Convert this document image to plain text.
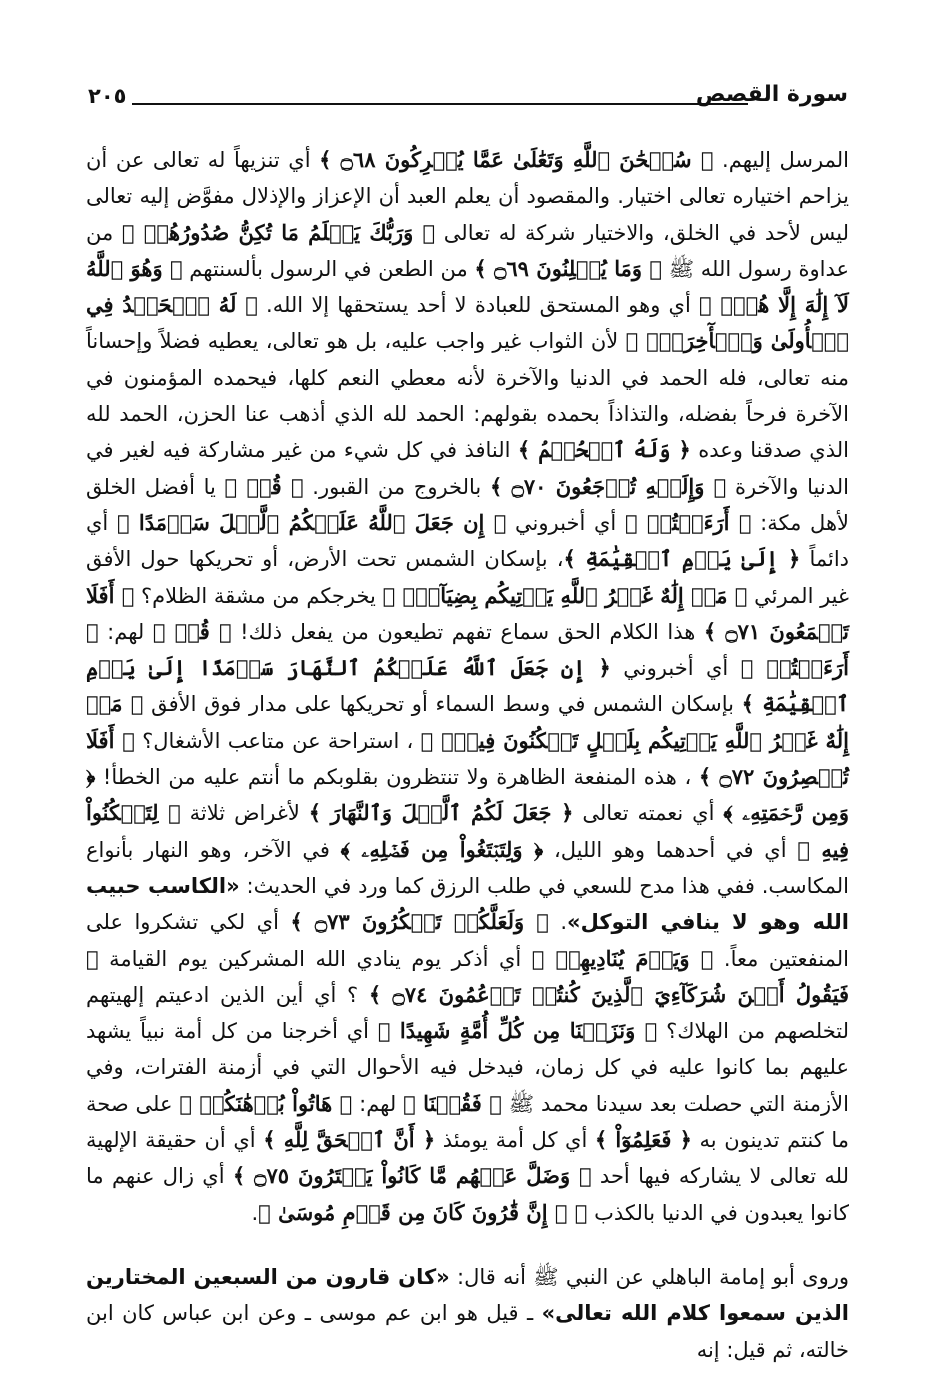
٢٠٥	سورة القصص
المرسل إليهم. ﴿ سُبۡحَٰنَ ٱللَّهِ وَتَعَٰلَىٰ عَمَّا يُشۡرِكُونَ ۝٦٨ ﴾ أي تنزيهاً له تعالى عن أن يزاحم اختياره تعالى اختيار. والمقصود أن يعلم العبد أن الإعزاز والإذلال مفوَّض إليه تعالى ليس لأحد في الخلق، والاختيار شركة له تعالى ﴿ وَرَبُّكَ يَعۡلَمُ مَا تُكِنُّ صُدُورُهُمۡ ﴾ من عداوة رسول الله ﷺ ﴿ وَمَا يُعۡلِنُونَ ۝٦٩ ﴾ من الطعن في الرسول بألسنتهم ﴿ وَهُوَ ٱللَّهُ لَآ إِلَٰهَ إِلَّا هُوَۖ ﴾ أي وهو المستحق للعبادة لا أحد يستحقها إلا الله. ﴿ لَهُ ٱلۡحَمۡدُ فِي ٱلۡأُولَىٰ وَٱلۡأٓخِرَةِۖ ﴾ لأن الثواب غير واجب عليه، بل هو تعالى، يعطيه فضلاً وإحساناً منه تعالى، فله الحمد في الدنيا والآخرة لأنه معطي النعم كلها، فيحمده المؤمنون في الآخرة فرحاً بفضله، والتذاذاً بحمده بقولهم: الحمد لله الذي أذهب عنا الحزن، الحمد لله الذي صدقنا وعده ﴿ وَلَهُ ٱلۡحُكۡمُ ﴾ النافذ في كل شيء من غير مشاركة فيه لغير في الدنيا والآخرة ﴿ وَإِلَيۡهِ تُرۡجَعُونَ ۝٧٠ ﴾ بالخروج من القبور. ﴿ قُلۡ ﴾ يا أفضل الخلق لأهل مكة: ﴿ أَرَءَيۡتُمۡ ﴾ أي أخبروني ﴿ إِن جَعَلَ ٱللَّهُ عَلَيۡكُمُ ٱلَّيۡلَ سَرۡمَدًا ﴾ أي دائماً ﴿ إِلَىٰ يَوۡمِ ٱلۡقِيَٰمَةِ ﴾، بإسكان الشمس تحت الأرض، أو تحريكها حول الأفق غير المرئي ﴿ مَنۡ إِلَٰهٌ غَيۡرُ ٱللَّهِ يَأۡتِيكُم بِضِيَآءٍۖ ﴾ يخرجكم من مشقة الظلام؟ ﴿ أَفَلَا تَسۡمَعُونَ ۝٧١ ﴾ هذا الكلام الحق سماع تفهم تطيعون من يفعل ذلك! ﴿ قُلۡ ﴾ لهم: ﴿ أَرَءَيۡتُمۡ ﴾ أي أخبروني ﴿ إِن جَعَلَ ٱللَّهُ عَلَيۡكُمُ ٱلنَّهَارَ سَرۡمَدًا إِلَىٰ يَوۡمِ ٱلۡقِيَٰمَةِ ﴾ بإسكان الشمس في وسط السماء أو تحريكها على مدار فوق الأفق ﴿ مَنۡ إِلَٰهٌ غَيۡرُ ٱللَّهِ يَأۡتِيكُم بِلَيۡلٍ تَسۡكُنُونَ فِيهِۚ ﴾ ، استراحة عن متاعب الأشغال؟ ﴿ أَفَلَا تُبۡصِرُونَ ۝٧٢ ﴾ ، هذه المنفعة الظاهرة ولا تنتظرون بقلوبكم ما أنتم عليه من الخطأ! ﴿ وَمِن رَّحۡمَتِهِۦ ﴾ أي نعمته تعالى ﴿ جَعَلَ لَكُمُ ٱلَّيۡلَ وَٱلنَّهَارَ ﴾ لأغراض ثلاثة ﴿ لِتَسۡكُنُواْ فِيهِ ﴾ أي في أحدهما وهو الليل، ﴿ وَلِتَبۡتَغُواْ مِن فَضۡلِهِۦ ﴾ في الآخر، وهو النهار بأنواع المكاسب. ففي هذا مدح للسعي في طلب الرزق كما ورد في الحديث: «الكاسب حبيب الله وهو لا ينافي التوكل». ﴿ وَلَعَلَّكُمۡ تَشۡكُرُونَ ۝٧٣ ﴾ أي لكي تشكروا على المنفعتين معاً. ﴿ وَيَوۡمَ يُنَادِيهِمۡ ﴾ أي أذكر يوم ينادي الله المشركين يوم القيامة ﴿ فَيَقُولُ أَيۡنَ شُرَكَآءِيَ ٱلَّذِينَ كُنتُمۡ تَزۡعُمُونَ ۝٧٤ ﴾ ؟ أي أين الذين ادعيتم إلهيتهم لتخلصهم من الهلاك؟ ﴿ وَنَزَعۡنَا مِن كُلِّ أُمَّةٍ شَهِيدًا ﴾ أي أخرجنا من كل أمة نبياً يشهد عليهم بما كانوا عليه في كل زمان، فيدخل فيه الأحوال التي في أزمنة الفترات، وفي الأزمنة التي حصلت بعد سيدنا محمد ﷺ ﴿ فَقُلۡنَا ﴾ لهم: ﴿ هَاتُواْ بُرۡهَٰنَكُمۡ ﴾ على صحة ما كنتم تدينون به ﴿ فَعَلِمُوٓاْ ﴾ أي كل أمة يومئذ ﴿ أَنَّ ٱلۡحَقَّ لِلَّهِ ﴾ أي أن حقيقة الإلهية لله تعالى لا يشاركه فيها أحد ﴿ وَضَلَّ عَنۡهُم مَّا كَانُواْ يَفۡتَرُونَ ۝٧٥ ﴾ أي زال عنهم ما كانوا يعبدون في الدنيا بالكذب ﴿ ۞ إِنَّ قَٰرُونَ كَانَ مِن قَوۡمِ مُوسَىٰ ﴾.
وروى أبو إمامة الباهلي عن النبي ﷺ أنه قال: «كان قارون من السبعين المختارين الذين سمعوا كلام الله تعالى» ـ قيل هو ابن عم موسى ـ وعن ابن عباس كان ابن خالته، ثم قيل: إنه
